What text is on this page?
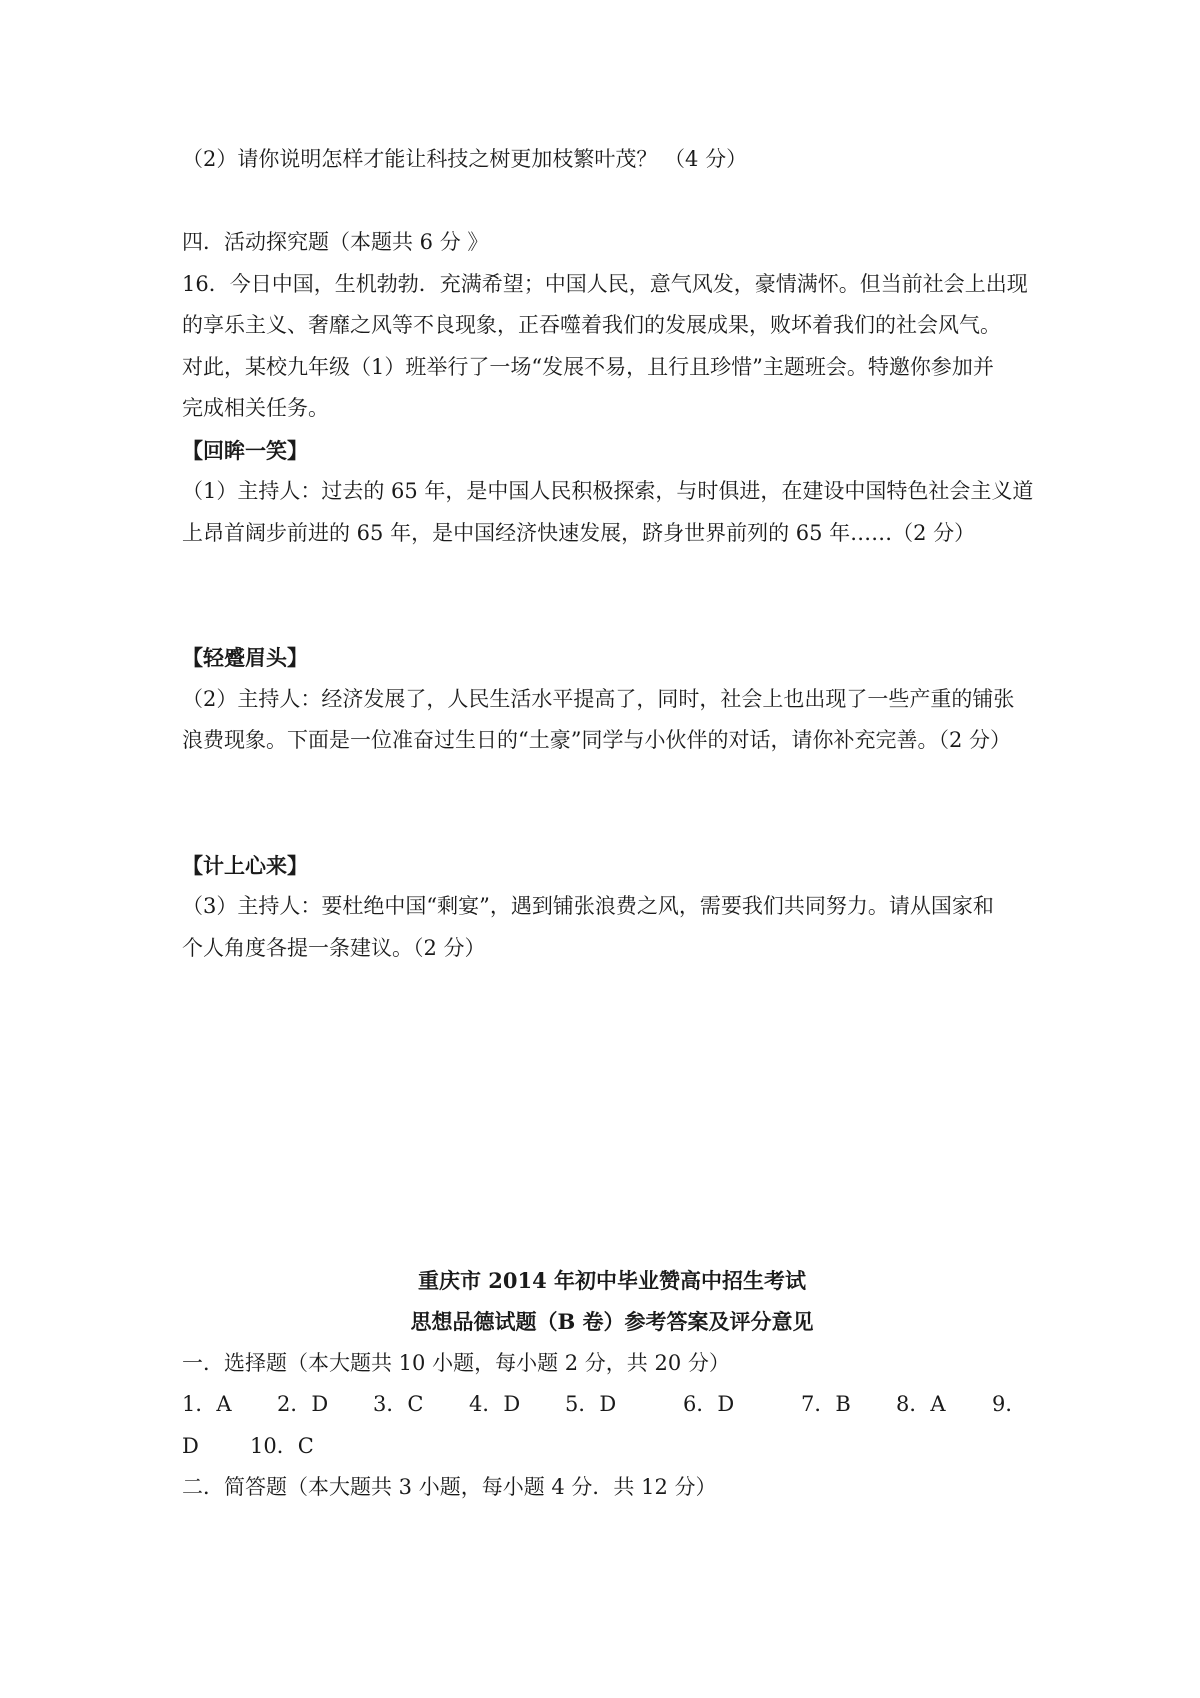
（2）请你说明怎样才能让科技之树更加枝繁叶茂？ （4 分）
四．活动探究题（本题共 6 分 》
16．今日中国，生机勃勃．充满希望；中国人民，意气风发，豪情满怀。但当前社会上出现
的享乐主义、奢靡之风等不良现象，正吞噬着我们的发展成果，败坏着我们的社会风气。
对此，某校九年级（1）班举行了一场“发展不易，且行且珍惜”主题班会。特邀你参加并
完成相关任务。
【回眸一笑】
（1）主持人：过去的 65 年，是中国人民积极探索，与时俱进，在建设中国特色社会主义道
上昂首阔步前进的 65 年，是中国经济快速发展，跻身世界前列的 65 年……（2 分）
【轻蹙眉头】
（2）主持人：经济发展了，人民生活水平提高了，同时，社会上也出现了一些产重的铺张
浪费现象。下面是一位准奋过生日的“土豪”同学与小伙伴的对话，请你补充完善。（2 分）
【计上心来】
（3）主持人：要杜绝中国“剩宴”，遇到铺张浪费之风，需要我们共同努力。请从国家和
个人角度各提一条建议。（2 分）
重庆市 2014 年初中毕业赞高中招生考试
思想品德试题（B 卷）参考答案及评分意见
一．选择题（本大题共 10 小题，每小题 2 分，共 20 分）
1．A 2．D 3．C 4．D 5．D	6．D	7．B 8．A 9．
D 10．C
二．简答题（本大题共 3 小题，每小题 4 分．共 12 分）
